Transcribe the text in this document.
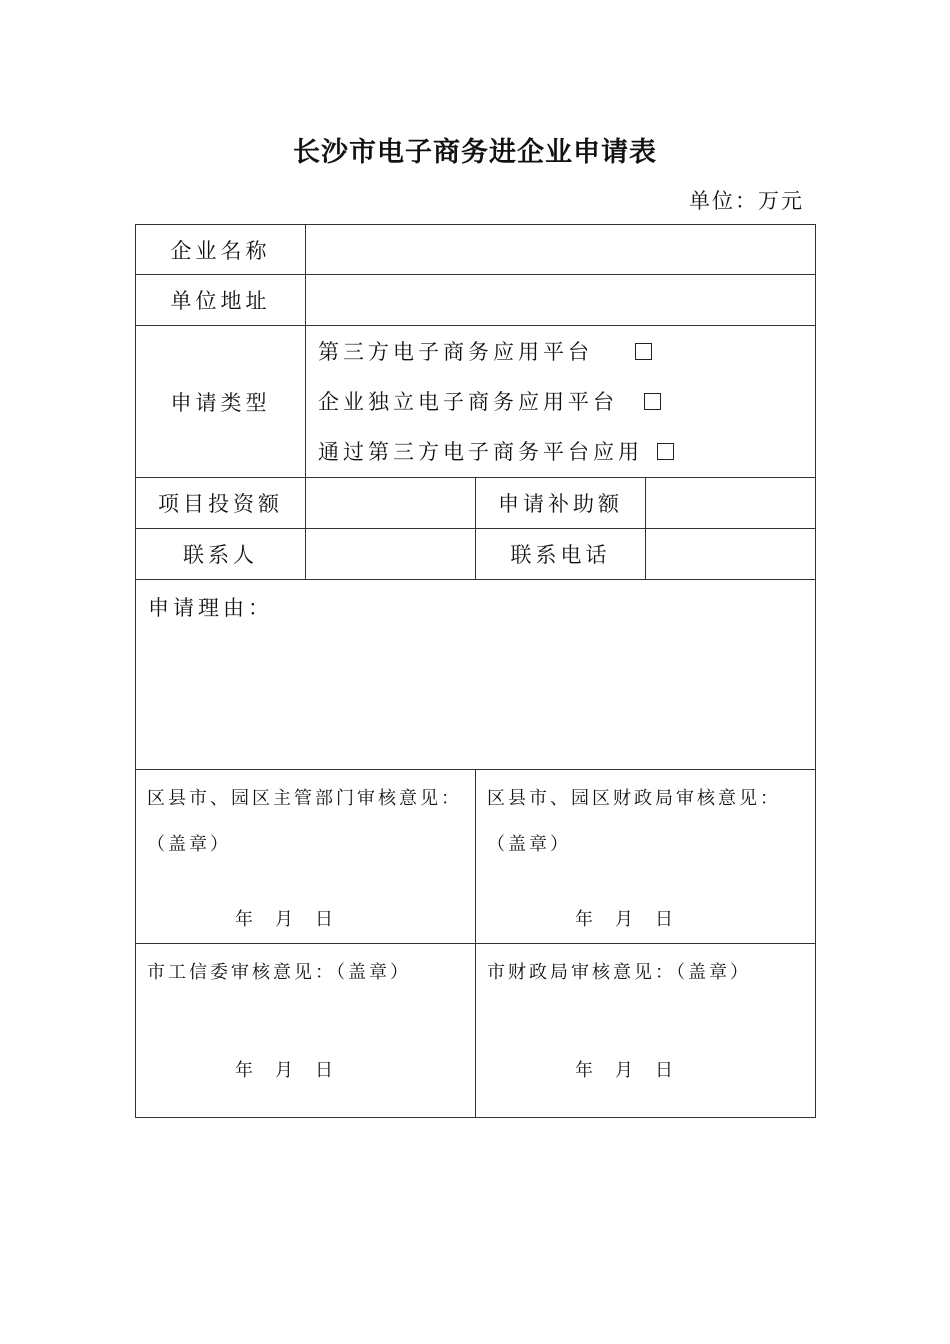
长沙市电子商务进企业申请表
单位：万元
企业名称
单位地址
申请类型
第三方电子商务应用平台
企业独立电子商务应用平台
通过第三方电子商务平台应用
项目投资额	申请补助额
联系人	联系电话
申请理由：
区县市、园区主管部门审核意见：
（盖章）
年 月 日
区县市、园区财政局审核意见：
（盖章）
年 月 日
市工信委审核意见：（盖章）
年 月 日
市财政局审核意见：（盖章）
年 月 日
